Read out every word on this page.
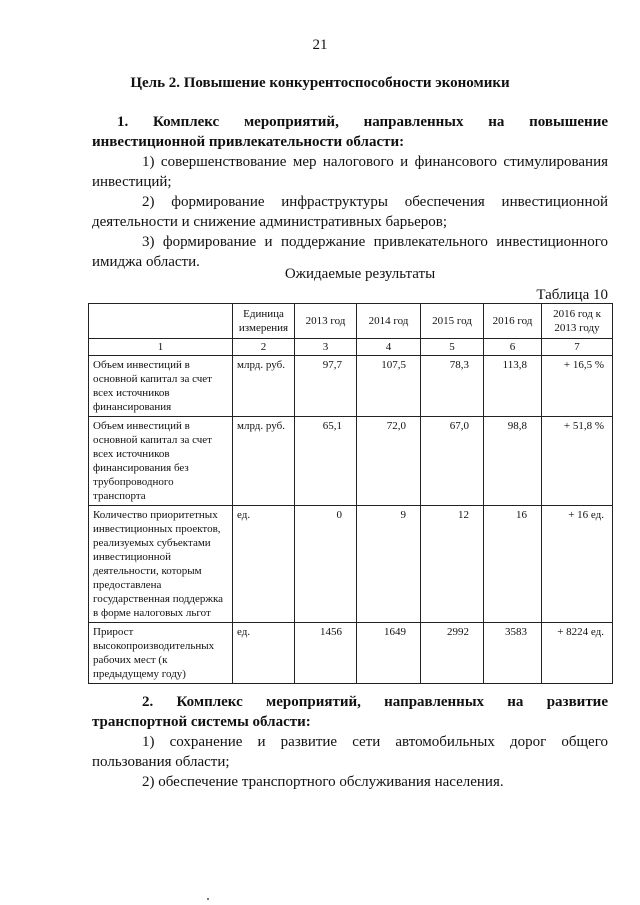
21
Цель 2. Повышение конкурентоспособности экономики
1. Комплекс мероприятий, направленных на повышение инвестиционной привлекательности области:
1) совершенствование мер налогового и финансового стимулирования инвестиций;
2) формирование инфраструктуры обеспечения инвестиционной деятельности и снижение административных барьеров;
3) формирование и поддержание привлекательного инвестиционного имиджа области.
Ожидаемые результаты
Таблица 10
	Единица измерения	2013 год	2014 год	2015 год	2016 год	2016 год к 2013 году
1	2	3	4	5	6	7
Объем инвестиций в основной капитал за счет всех источников финансирования	млрд. руб.	97,7	107,5	78,3	113,8	+ 16,5 %
Объем инвестиций в основной капитал за счет всех источников финансирования без трубопроводного транспорта	млрд. руб.	65,1	72,0	67,0	98,8	+ 51,8 %
Количество приоритетных инвестиционных проектов, реализуемых субъектами инвестиционной деятельности, которым предоставлена государственная поддержка в форме налоговых льгот	ед.	0	9	12	16	+ 16 ед.
Прирост высокопроизводительных рабочих мест (к предыдущему году)	ед.	1456	1649	2992	3583	+ 8224 ед.
2. Комплекс мероприятий, направленных на развитие транспортной системы области:
1) сохранение и развитие сети автомобильных дорог общего пользования области;
2) обеспечение транспортного обслуживания населения.
